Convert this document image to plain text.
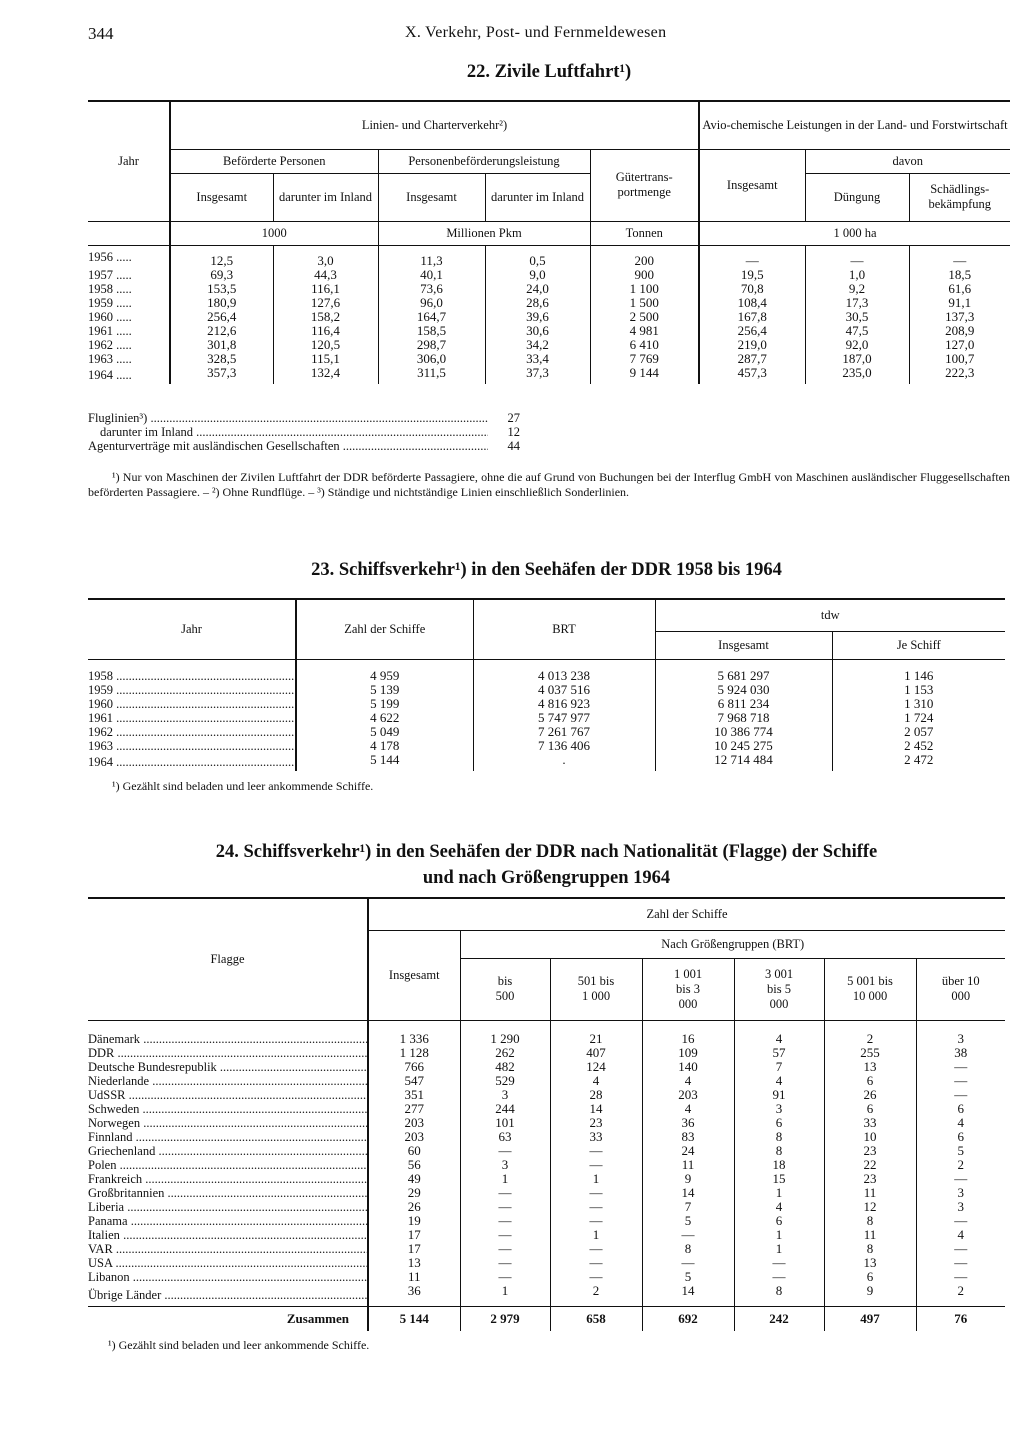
344	X. Verkehr, Post- und Fernmeldewesen
22. Zivile Luftfahrt¹)
Jahr	Linien- und Charterverkehr²)					Avio-chemische Leistungen in der Land- und Forstwirtschaft		
	Beförderte Personen		Personenbeförderungsleistung		Gütertrans-portmenge	Insgesamt	davon	
	Insgesamt	darunter im Inland	Insgesamt	darunter im Inland			Düngung	Schädlings-bekämpfung
	1000		Millionen Pkm		Tonnen	1 000 ha		
1956 .....	12,5	3,0	11,3	0,5	200	—	—	—
1957 .....	69,3	44,3	40,1	9,0	900	19,5	1,0	18,5
1958 .....	153,5	116,1	73,6	24,0	1 100	70,8	9,2	61,6
1959 .....	180,9	127,6	96,0	28,6	1 500	108,4	17,3	91,1
1960 .....	256,4	158,2	164,7	39,6	2 500	167,8	30,5	137,3
1961 .....	212,6	116,4	158,5	30,6	4 981	256,4	47,5	208,9
1962 .....	301,8	120,5	298,7	34,2	6 410	219,0	92,0	127,0
1963 .....	328,5	115,1	306,0	33,4	7 769	287,7	187,0	100,7
1964 .....	357,3	132,4	311,5	37,3	9 144	457,3	235,0	222,3
Fluglinien³) .....	27
darunter im Inland .....	12
Agenturverträge mit ausländischen Gesellschaften .....	44
¹) Nur von Maschinen der Zivilen Luftfahrt der DDR beförderte Passagiere, ohne die auf Grund von Buchungen bei der Interflug GmbH von Maschinen ausländischer Fluggesellschaften beförderten Passagiere. – ²) Ohne Rundflüge. – ³) Ständige und nichtständige Linien einschließlich Sonderlinien.
23. Schiffsverkehr¹) in den Seehäfen der DDR 1958 bis 1964
Jahr	Zahl der Schiffe	BRT	tdw	
			Insgesamt	Je Schiff

1958 .....	4 959	4 013 238	5 681 297	1 146
1959 .....	5 139	4 037 516	5 924 030	1 153
1960 .....	5 199	4 816 923	6 811 234	1 310
1961 .....	4 622	5 747 977	7 968 718	1 724
1962 .....	5 049	7 261 767	10 386 774	2 057
1963 .....	4 178	7 136 406	10 245 275	2 452
1964 .....	5 144	.	12 714 484	2 472
¹) Gezählt sind beladen und leer ankommende Schiffe.
24. Schiffsverkehr¹) in den Seehäfen der DDR nach Nationalität (Flagge) der Schiffe
und nach Größengruppen 1964
Flagge	Zahl der Schiffe						
	Insgesamt	Nach Größengruppen (BRT)					
		bis 500	501 bis 1 000	1 001 bis 3 000	3 001 bis 5 000	5 001 bis 10 000	über 10 000

Dänemark .....	1 336	1 290	21	16	4	2	3
DDR .....	1 128	262	407	109	57	255	38
Deutsche Bundesrepublik .....	766	482	124	140	7	13	—
Niederlande .....	547	529	4	4	4	6	—
UdSSR .....	351	3	28	203	91	26	—
Schweden .....	277	244	14	4	3	6	6
Norwegen .....	203	101	23	36	6	33	4
Finnland .....	203	63	33	83	8	10	6
Griechenland .....	60	—	—	24	8	23	5
Polen .....	56	3	—	11	18	22	2
Frankreich .....	49	1	1	9	15	23	—
Großbritannien .....	29	—	—	14	1	11	3
Liberia .....	26	—	—	7	4	12	3
Panama .....	19	—	—	5	6	8	—
Italien .....	17	—	1	—	1	11	4
VAR .....	17	—	—	8	1	8	—
USA .....	13	—	—	—	—	13	—
Libanon .....	11	—	—	5	—	6	—
Übrige Länder .....	36	1	2	14	8	9	2
Zusammen	5 144	2 979	658	692	242	497	76
¹) Gezählt sind beladen und leer ankommende Schiffe.
